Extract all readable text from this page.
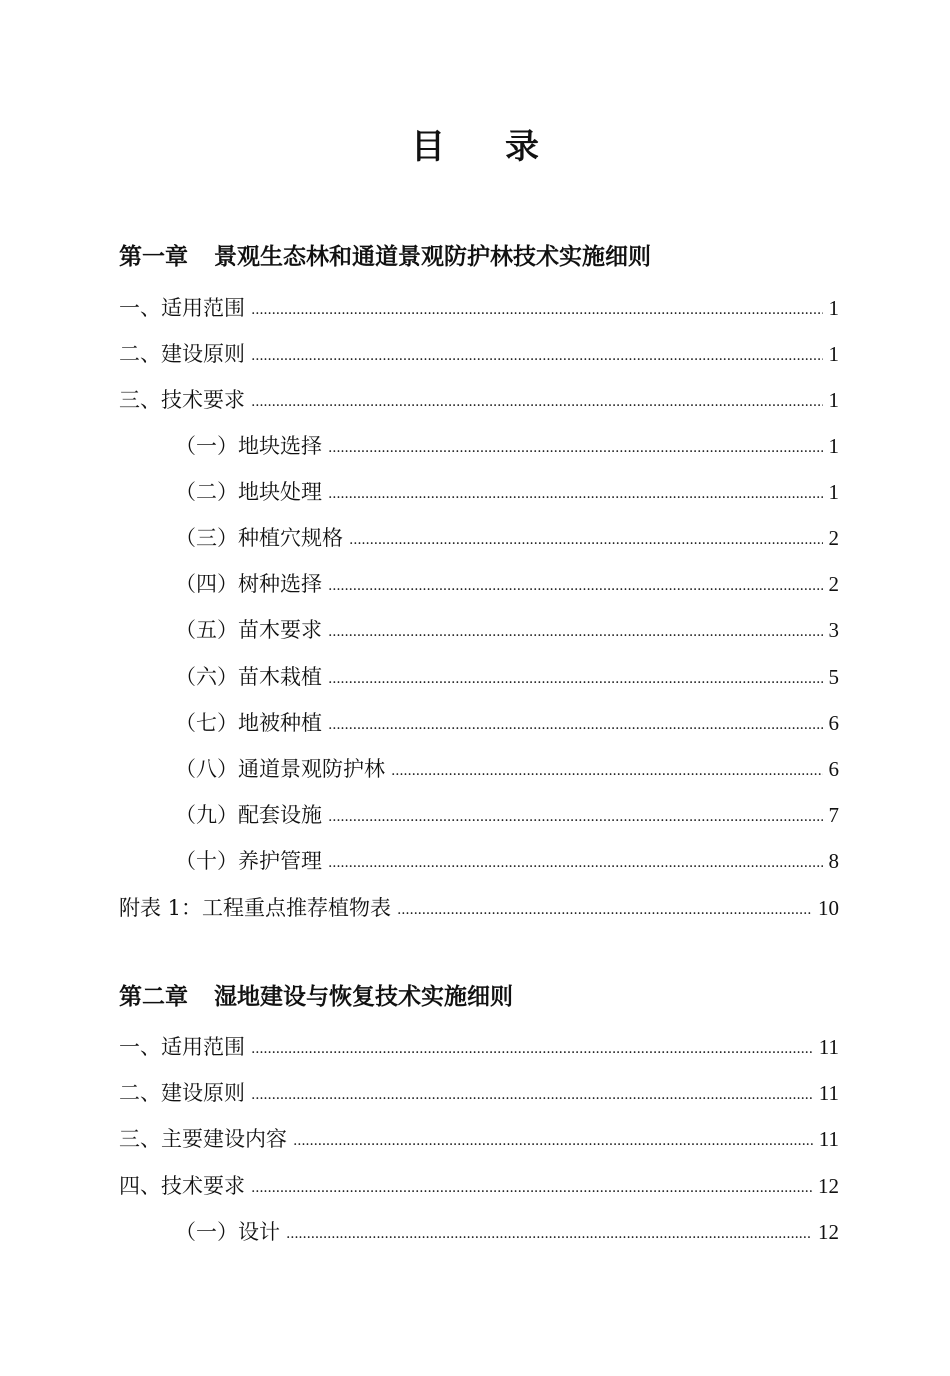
目 录
第一章 景观生态林和通道景观防护林技术实施细则
一、适用范围 . . .	1
二、建设原则 . . .	1
三、技术要求 . . .	1
（一）地块选择 . . .	1
（二）地块处理 . . .	1
（三）种植穴规格 . . .	2
（四）树种选择 . . .	2
（五）苗木要求 . . .	3
（六）苗木栽植 . . .	5
（七）地被种植 . . .	6
（八）通道景观防护林 . . .	6
（九）配套设施 . . .	7
（十）养护管理 . . .	8
附表 1：工程重点推荐植物表 . . .	10
第二章 湿地建设与恢复技术实施细则
一、适用范围 . . .	11
二、建设原则 . . .	11
三、主要建设内容 . . .	11
四、技术要求 . . .	12
（一）设计 . . .	12
